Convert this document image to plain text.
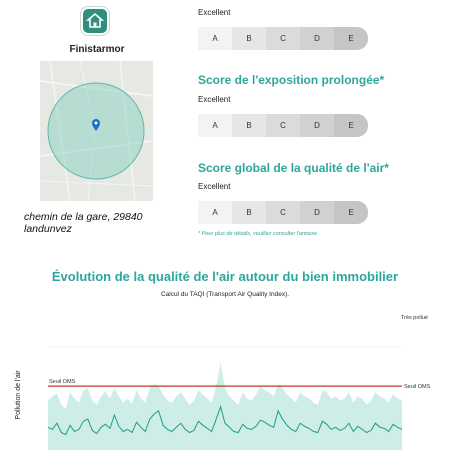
Finistarmor
chemin de la gare, 29840 landunvez
Excellent
A	B	C	D	E
Score de l'exposition prolongée*
Excellent
A	B	C	D	E
Score global de la qualité de l'air*
Excellent
A	B	C	D	E
* Pour plus de détails, veuillez consulter l'annexe
Évolution de la qualité de l'air autour du bien immobilier
Calcul du TAQI (Transport Air Quality Index).
Très pollué
Pollution de l'air	Seuil OMS
Seuil OMS
